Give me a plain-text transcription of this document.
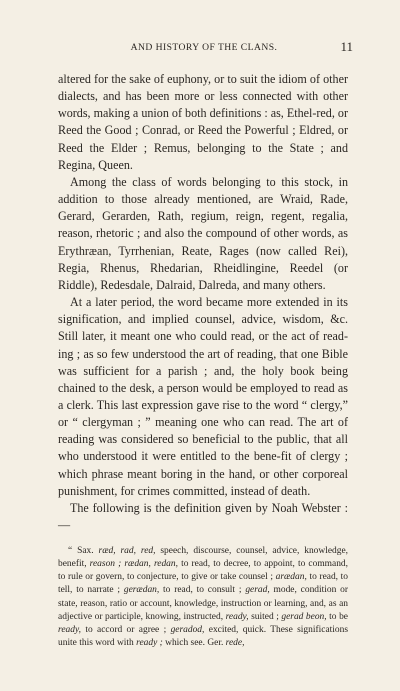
AND HISTORY OF THE CLANS.	11

altered for the sake of euphony, or to suit the idiom of other dialects, and has been more or less connected with other words, making a union of both definitions : as, Ethel-red, or Reed the Good ; Conrad, or Reed the Powerful ; Eldred, or Reed the Elder ; Remus, belonging to the State ; and Regina, Queen.

Among the class of words belonging to this stock, in addition to those already mentioned, are Wraid, Rade, Gerard, Gerarden, Rath, regium, reign, regent, regalia, reason, rhetoric ; and also the compound of other words, as Erythræan, Tyrrhenian, Reate, Rages (now called Rei), Regia, Rhenus, Rhedarian, Rheidlingine, Reedel (or Riddle), Redesdale, Dalraid, Dalreda, and many others.

At a later period, the word became more extended in its signification, and implied counsel, advice, wisdom, &c. Still later, it meant one who could read, or the act of read-ing ; as so few understood the art of reading, that one Bible was sufficient for a parish ; and, the holy book being chained to the desk, a person would be employed to read as a clerk. This last expression gave rise to the word “ clergy,” or “ clergyman ; ” meaning one who can read. The art of reading was considered so beneficial to the public, that all who understood it were entitled to the bene-fit of clergy ; which phrase meant boring in the hand, or other corporeal punishment, for crimes committed, instead of death.

The following is the definition given by Noah Webster : —

“ Sax. ræd, rad, red, speech, discourse, counsel, advice, knowledge, benefit, reason ; rædan, redan, to read, to decree, to appoint, to command, to rule or govern, to conjecture, to give or take counsel ; arædan, to read, to tell, to narrate ; gerædan, to read, to consult ; gerad, mode, condition or state, reason, ratio or account, knowledge, instruction or learning, and, as an adjective or participle, knowing, instructed, ready, suited ; gerad beon, to be ready, to accord or agree ; geradod, excited, quick. These significations unite this word with ready ; which see. Ger. rede,
